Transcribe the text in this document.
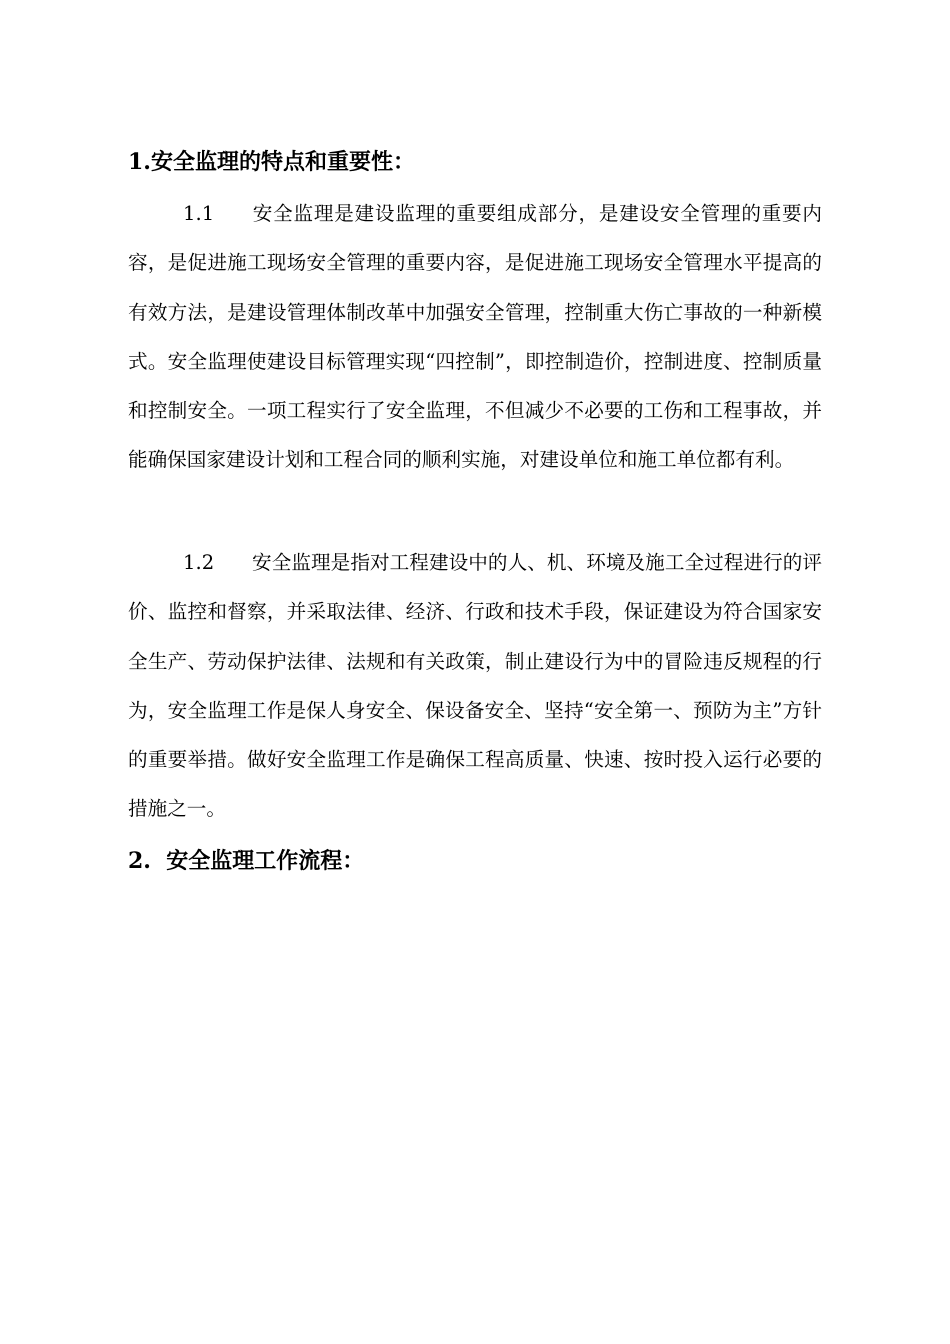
1.安全监理的特点和重要性：
1.1 安全监理是建设监理的重要组成部分，是建设安全管理的重要内容，是促进施工现场安全管理的重要内容，是促进施工现场安全管理水平提高的有效方法，是建设管理体制改革中加强安全管理，控制重大伤亡事故的一种新模式。安全监理使建设目标管理实现“四控制”，即控制造价，控制进度、控制质量和控制安全。一项工程实行了安全监理，不但减少不必要的工伤和工程事故，并能确保国家建设计划和工程合同的顺利实施，对建设单位和施工单位都有利。
1.2 安全监理是指对工程建设中的人、机、环境及施工全过程进行的评价、监控和督察，并采取法律、经济、行政和技术手段，保证建设为符合国家安全生产、劳动保护法律、法规和有关政策，制止建设行为中的冒险违反规程的行为，安全监理工作是保人身安全、保设备安全、坚持“安全第一、预防为主”方针的重要举措。做好安全监理工作是确保工程高质量、快速、按时投入运行必要的措施之一。
2.  安全监理工作流程：
